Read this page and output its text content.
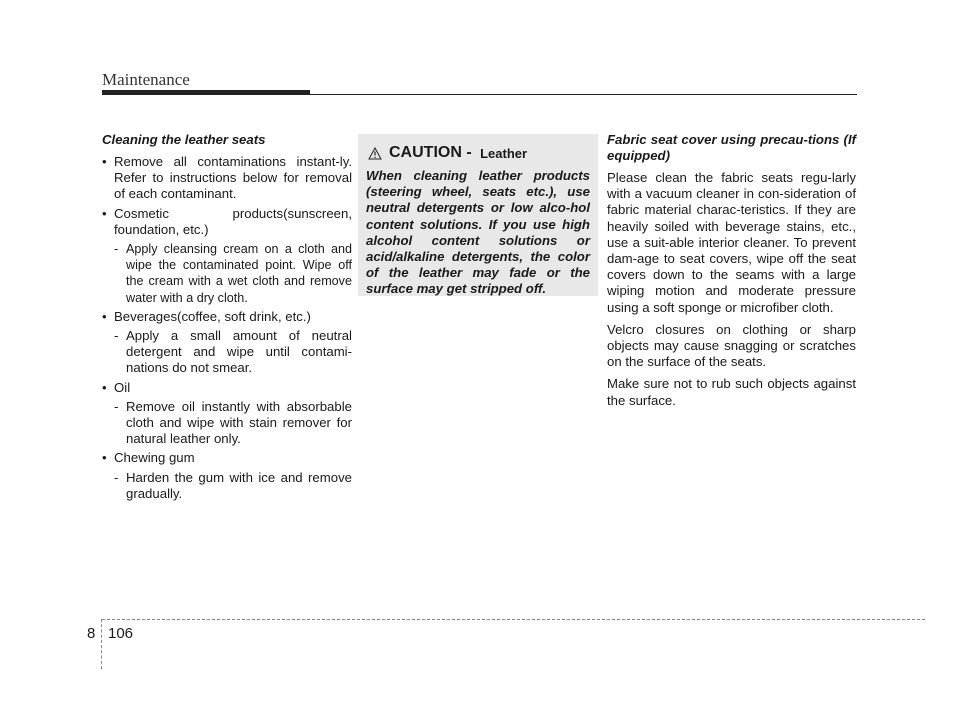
Maintenance
Cleaning the leather seats
• Remove all contaminations instant-ly. Refer to instructions below for removal of each contaminant.
• Cosmetic products(sunscreen, foundation, etc.)
- Apply cleansing cream on a cloth and wipe the contaminated point. Wipe off the cream with a wet cloth and remove water with a dry cloth.
• Beverages(coffee, soft drink, etc.)
- Apply a small amount of neutral detergent and wipe until contami-nations do not smear.
• Oil
- Remove oil instantly with absorbable cloth and wipe with stain remover for natural leather only.
• Chewing gum
- Harden the gum with ice and remove gradually.
CAUTION - Leather
When cleaning leather products (steering wheel, seats etc.), use neutral detergents or low alco-hol content solutions. If you use high alcohol content solutions or acid/alkaline detergents, the color of the leather may fade or the surface may get stripped off.
Fabric seat cover using precau-tions (If equipped)
Please clean the fabric seats regu-larly with a vacuum cleaner in con-sideration of fabric material charac-teristics. If they are heavily soiled with beverage stains, etc., use a suit-able interior cleaner. To prevent dam-age to seat covers, wipe off the seat covers down to the seams with a large wiping motion and moderate pressure using a soft sponge or microfiber cloth.
Velcro closures on clothing or sharp objects may cause snagging or scratches on the surface of the seats.
Make sure not to rub such objects against the surface.
8 106
